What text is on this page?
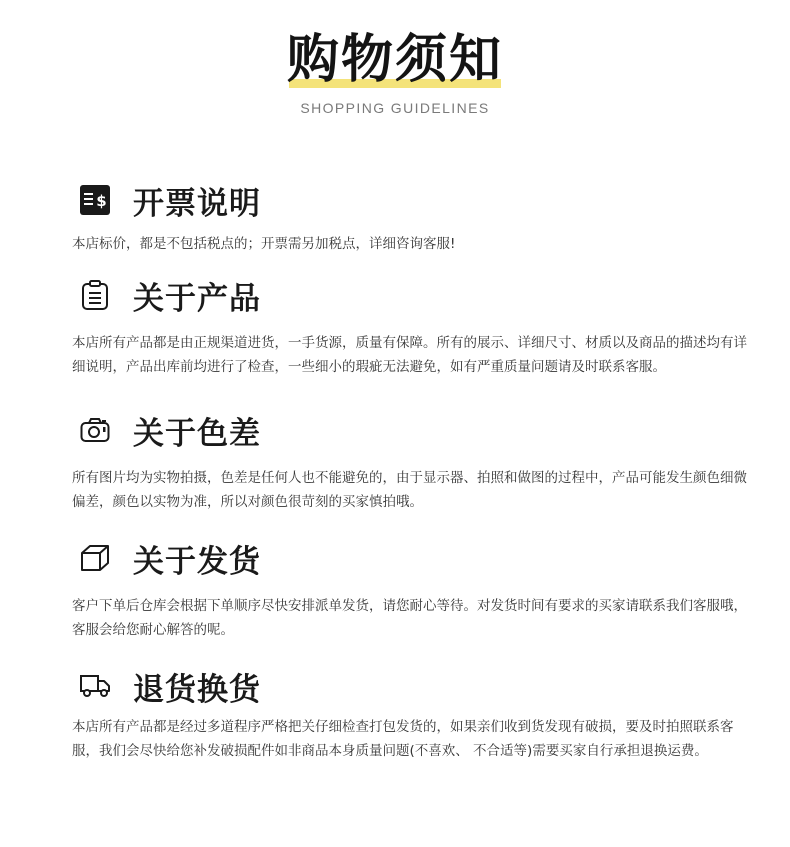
购物须知
SHOPPING GUIDELINES
$ 开票说明
本店标价，都是不包括税点的；开票需另加税点，详细咨询客服!
关于产品
本店所有产品都是由正规渠道进货，一手货源，质量有保障。所有的展示、详细尺寸、材质以及商品的描述均有详细说明，产品出库前均进行了检查，一些细小的瑕疵无法避免，如有严重质量问题请及时联系客服。
关于色差
所有图片均为实物拍摄，色差是任何人也不能避免的，由于显示器、拍照和做图的过程中，产品可能发生颜色细微偏差，颜色以实物为准，所以对颜色很苛刻的买家慎拍哦。
关于发货
客户下单后仓库会根据下单顺序尽快安排派单发货，请您耐心等待。对发货时间有要求的买家请联系我们客服哦，客服会给您耐心解答的呢。
退货换货
本店所有产品都是经过多道程序严格把关仔细检查打包发货的，如果亲们收到货发现有破损，要及时拍照联系客服，我们会尽快给您补发破损配件如非商品本身质量问题(不喜欢、 不合适等)需要买家自行承担退换运费。
